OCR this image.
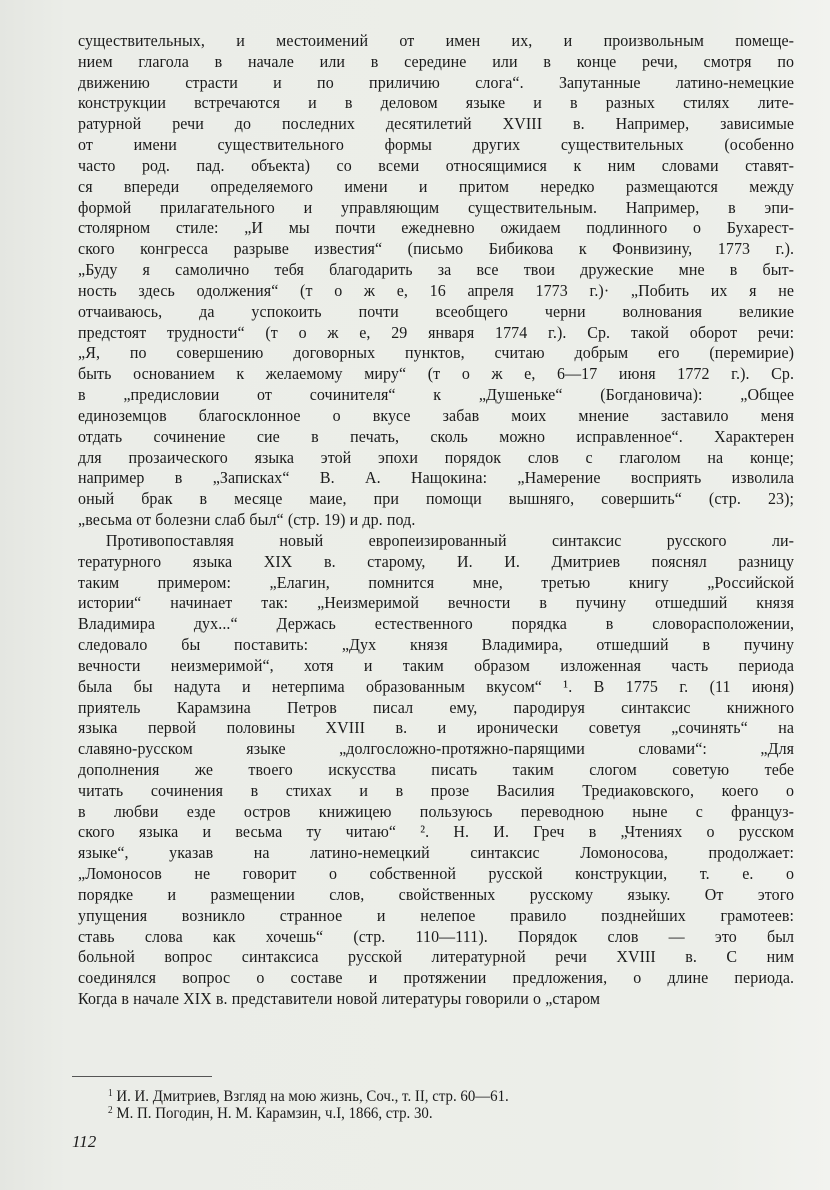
существительных, и местоимений от имен их, и произвольным помеще-
нием глагола в начале или в середине или в конце речи, смотря по
движению страсти и по приличию слога“. Запутанные латино-немецкие
конструкции встречаются и в деловом языке и в разных стилях лите-
ратурной речи до последних десятилетий XVIII в. Например, зависимые
от имени существительного формы других существительных (особенно
часто род. пад. объекта) со всеми относящимися к ним словами ставят-
ся впереди определяемого имени и притом нередко размещаются между
формой прилагательного и управляющим существительным. Например, в эпи-
столярном стиле: „И мы почти ежедневно ожидаем подлинного о Бухарест-
ского конгресса разрыве известия“ (письмо Бибикова к Фонвизину, 1773 г.).
„Буду я самолично тебя благодарить за все твои дружеские мне в быт-
ность здесь одолжения“ (т о ж е, 16 апреля 1773 г.)· „Побить их я не
отчаиваюсь, да успокоить почти всеобщего черни волнования великие
предстоят трудности“ (т о ж е, 29 января 1774 г.). Ср. такой оборот речи:
„Я, по совершению договорных пунктов, считаю добрым его (перемирие)
быть основанием к желаемому миру“ (т о ж е, 6—17 июня 1772 г.). Ср.
в „предисловии от сочинителя“ к „Душеньке“ (Богдановича): „Общее
единоземцов благосклонное о вкусе забав моих мнение заставило меня
отдать сочинение сие в печать, сколь можно исправленное“. Характерен
для прозаического языка этой эпохи порядок слов с глаголом на конце;
например в „Записках“ В. А. Нащокина: „Намерение восприять изволила
оный брак в месяце маие, при помощи вышняго, совершить“ (стр. 23);
„весьма от болезни слаб был“ (стр. 19) и др. под.
Противопоставляя новый европеизированный синтаксис русского ли-
тературного языка XIX в. старому, И. И. Дмитриев пояснял разницу
таким примером: „Елагин, помнится мне, третью книгу „Российской
истории“ начинает так: „Неизмеримой вечности в пучину отшедший князя
Владимира дух...“ Держась естественного порядка в словорасположении,
следовало бы поставить: „Дух князя Владимира, отшедший в пучину
вечности неизмеримой“, хотя и таким образом изложенная часть периода
была бы надута и нетерпима образованным вкусом“ ¹. В 1775 г. (11 июня)
приятель Карамзина Петров писал ему, пародируя синтаксис книжного
языка первой половины XVIII в. и иронически советуя „сочинять“ на
славяно-русском языке „долгосложно-протяжно-парящими словами“: „Для
дополнения же твоего искусства писать таким слогом советую тебе
читать сочинения в стихах и в прозе Василия Тредиаковского, коего о
в любви езде остров книжицею пользуюсь переводною ныне с француз-
ского языка и весьма ту читаю“ ². Н. И. Греч в „Чтениях о русском
языке“, указав на латино-немецкий синтаксис Ломоносова, продолжает:
„Ломоносов не говорит о собственной русской конструкции, т. е. о
порядке и размещении слов, свойственных русскому языку. От этого
упущения возникло странное и нелепое правило позднейших грамотеев:
ставь слова как хочешь“ (стр. 110—111). Порядок слов — это был
больной вопрос синтаксиса русской литературной речи XVIII в. С ним
соединялся вопрос о составе и протяжении предложения, о длине периода.
Когда в начале XIX в. представители новой литературы говорили о „старом
$^1$ И. И. Дмитриев, Взгляд на мою жизнь, Соч., т. II, стр. 60—61.
$^2$ М. П. Погодин, Н. М. Карамзин, ч.I, 1866, стр. 30.
112
